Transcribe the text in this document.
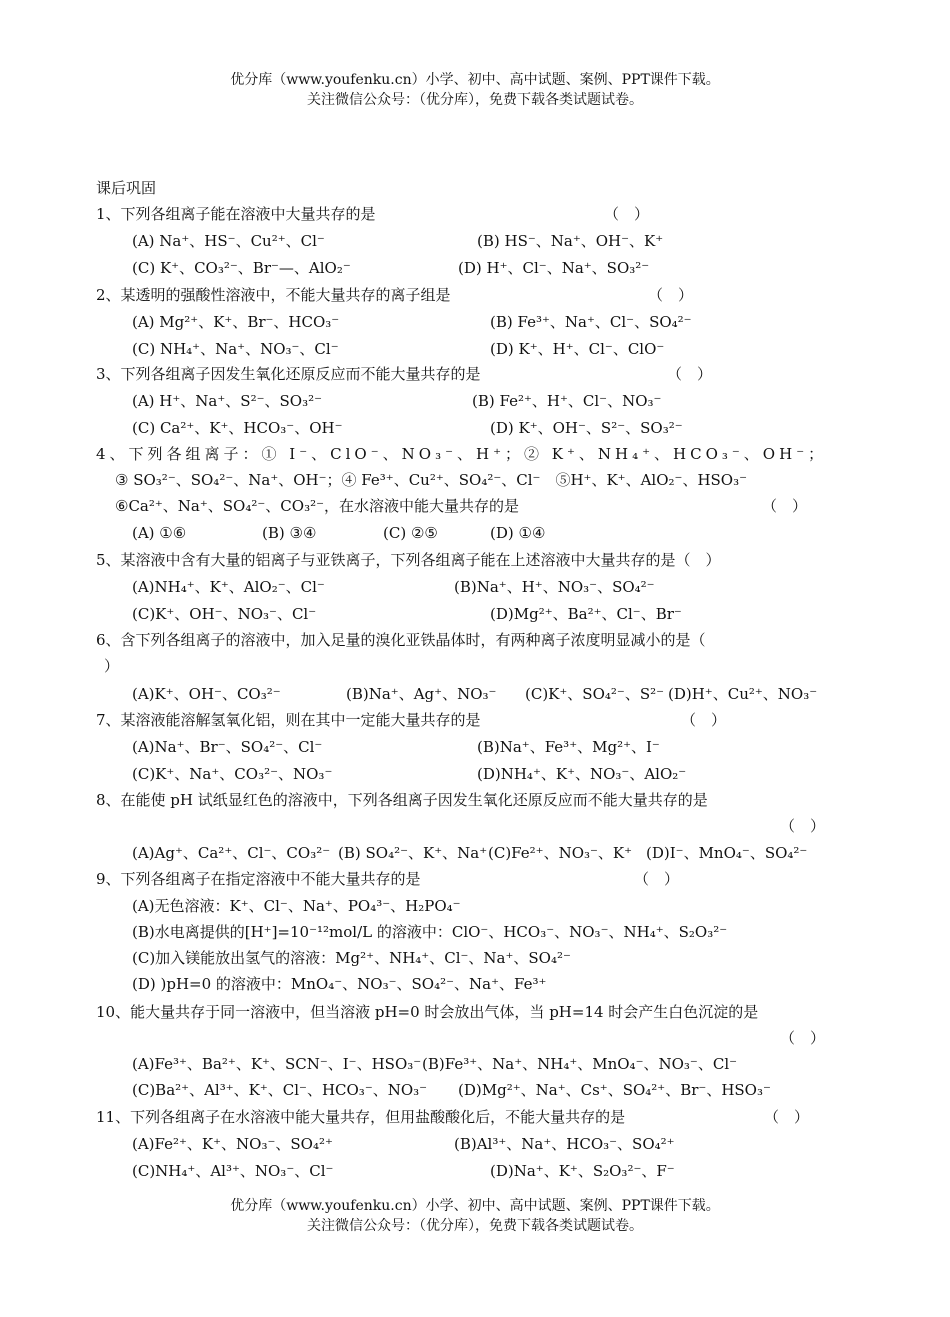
优分库（www.youfenku.cn）小学、初中、高中试题、案例、PPT课件下载。
关注微信公众号：（优分库），免费下载各类试题试卷。
课后巩固
1、下列各组离子能在溶液中大量共存的是	（　）
(A) Na⁺、HS⁻、Cu²⁺、Cl⁻	(B) HS⁻、Na⁺、OH⁻、K⁺
(C) K⁺、CO₃²⁻、Br⁻—、AlO₂⁻	(D) H⁺、Cl⁻、Na⁺、SO₃²⁻
2、某透明的强酸性溶液中，不能大量共存的离子组是	（　）
(A) Mg²⁺、K⁺、Br⁻、HCO₃⁻	(B) Fe³⁺、Na⁺、Cl⁻、SO₄²⁻
(C) NH₄⁺、Na⁺、NO₃⁻、Cl⁻	(D) K⁺、H⁺、Cl⁻、ClO⁻
3、下列各组离子因发生氧化还原反应而不能大量共存的是	（　）
(A) H⁺、Na⁺、S²⁻、SO₃²⁻	(B) Fe²⁺、H⁺、Cl⁻、NO₃⁻
(C) Ca²⁺、K⁺、HCO₃⁻、OH⁻	(D) K⁺、OH⁻、S²⁻、SO₃²⁻
4、下列各组离子：① I⁻、ClO⁻、NO₃⁻、H⁺；② K⁺、NH₄⁺、HCO₃⁻、OH⁻；
③ SO₃²⁻、SO₄²⁻、Na⁺、OH⁻；④ Fe³⁺、Cu²⁺、SO₄²⁻、Cl⁻　⑤H⁺、K⁺、AlO₂⁻、HSO₃⁻
⑥Ca²⁺、Na⁺、SO₄²⁻、CO₃²⁻，在水溶液中能大量共存的是	（　）
(A) ①⑥	(B) ③④	(C) ②⑤	(D) ①④
5、某溶液中含有大量的铝离子与亚铁离子，下列各组离子能在上述溶液中大量共存的是（　）
(A)NH₄⁺、K⁺、AlO₂⁻、Cl⁻	(B)Na⁺、H⁺、NO₃⁻、SO₄²⁻
(C)K⁺、OH⁻、NO₃⁻、Cl⁻	(D)Mg²⁺、Ba²⁺、Cl⁻、Br⁻
6、含下列各组离子的溶液中，加入足量的溴化亚铁晶体时，有两种离子浓度明显减小的是（
）
(A)K⁺、OH⁻、CO₃²⁻	(B)Na⁺、Ag⁺、NO₃⁻ (C)K⁺、SO₄²⁻、S²⁻ (D)H⁺、Cu²⁺、NO₃⁻
7、某溶液能溶解氢氧化铝，则在其中一定能大量共存的是	（　）
(A)Na⁺、Br⁻、SO₄²⁻、Cl⁻	(B)Na⁺、Fe³⁺、Mg²⁺、I⁻
(C)K⁺、Na⁺、CO₃²⁻、NO₃⁻	(D)NH₄⁺、K⁺、NO₃⁻、AlO₂⁻
8、在能使 pH 试纸显红色的溶液中，下列各组离子因发生氧化还原反应而不能大量共存的是
（　）
(A)Ag⁺、Ca²⁺、Cl⁻、CO₃²⁻ (B) SO₄²⁻、K⁺、Na⁺ (C)Fe²⁺、NO₃⁻、K⁺ (D)I⁻、MnO₄⁻、SO₄²⁻
9、下列各组离子在指定溶液中不能大量共存的是	（　）
(A)无色溶液：K⁺、Cl⁻、Na⁺、PO₄³⁻、H₂PO₄⁻
(B)水电离提供的[H⁺]=10⁻¹²mol/L 的溶液中：ClO⁻、HCO₃⁻、NO₃⁻、NH₄⁺、S₂O₃²⁻
(C)加入镁能放出氢气的溶液：Mg²⁺、NH₄⁺、Cl⁻、Na⁺、SO₄²⁻
(D) )pH=0 的溶液中：MnO₄⁻、NO₃⁻、SO₄²⁻、Na⁺、Fe³⁺
10、能大量共存于同一溶液中，但当溶液 pH=0 时会放出气体，当 pH=14 时会产生白色沉淀的是
（　）
(A)Fe³⁺、Ba²⁺、K⁺、SCN⁻、I⁻、HSO₃⁻ (B)Fe³⁺、Na⁺、NH₄⁺、MnO₄⁻、NO₃⁻、Cl⁻
(C)Ba²⁺、Al³⁺、K⁺、Cl⁻、HCO₃⁻、NO₃⁻ (D)Mg²⁺、Na⁺、Cs⁺、SO₄²⁺、Br⁻、HSO₃⁻
11、下列各组离子在水溶液中能大量共存，但用盐酸酸化后，不能大量共存的是	（　）
(A)Fe²⁺、K⁺、NO₃⁻、SO₄²⁺	(B)Al³⁺、Na⁺、HCO₃⁻、SO₄²⁺
(C)NH₄⁺、Al³⁺、NO₃⁻、Cl⁻	(D)Na⁺、K⁺、S₂O₃²⁻、F⁻
优分库（www.youfenku.cn）小学、初中、高中试题、案例、PPT课件下载。
关注微信公众号：（优分库），免费下载各类试题试卷。
